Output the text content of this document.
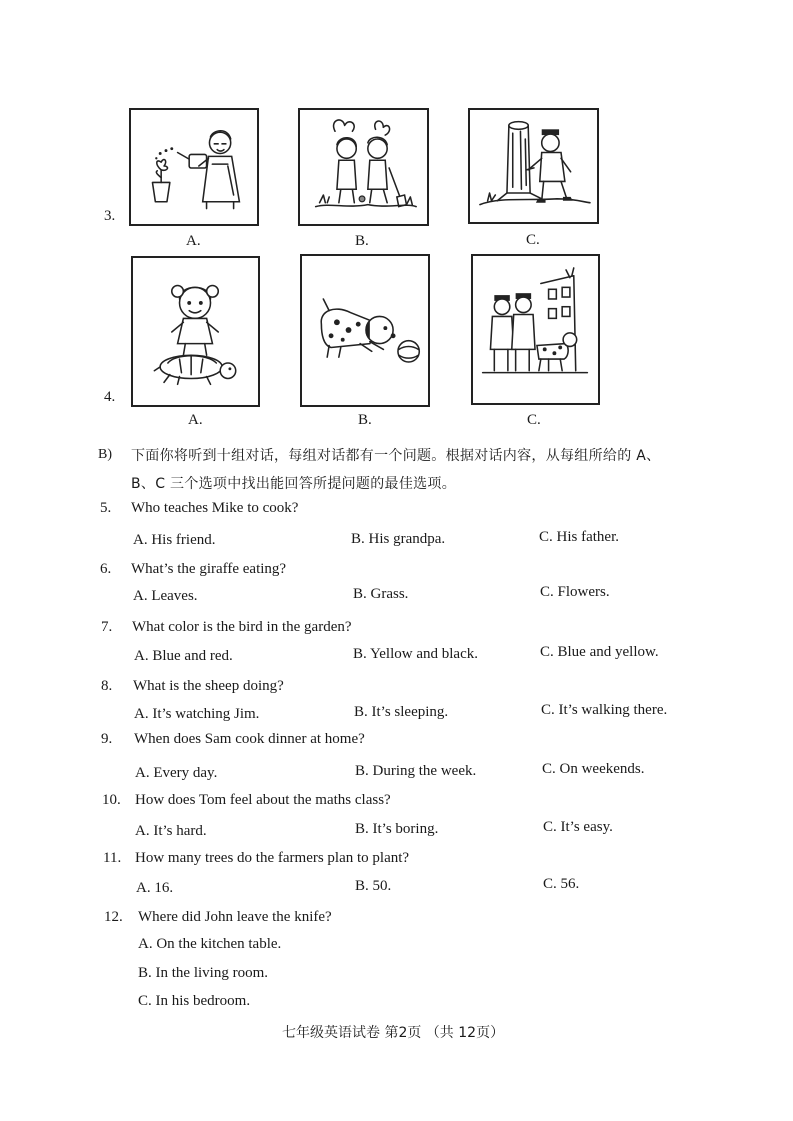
3.
A.	B.	C.
4.
A.	B.	C.
B) 下面你将听到十组对话，每组对话都有一个问题。根据对话内容，从每组所给的 A、
B、C 三个选项中找出能回答所提问题的最佳选项。
5. Who teaches Mike to cook?
A. His friend.	B. His grandpa.	C. His father.
6. What’s the giraffe eating?
A. Leaves.	B. Grass.	C. Flowers.
7. What color is the bird in the garden?
A. Blue and red.	B. Yellow and black.	C. Blue and yellow.
8. What is the sheep doing?
A. It’s watching Jim.	B. It’s sleeping.	C. It’s walking there.
9. When does Sam cook dinner at home?
A. Every day.	B. During the week.	C. On weekends.
10. How does Tom feel about the maths class?
A. It’s hard.	B. It’s boring.	C. It’s easy.
11. How many trees do the farmers plan to plant?
A. 16.	B. 50.	C. 56.
12. Where did John leave the knife?
A. On the kitchen table.
B. In the living room.
C. In his bedroom.
七年级英语试卷 第2页 （共 12页）
